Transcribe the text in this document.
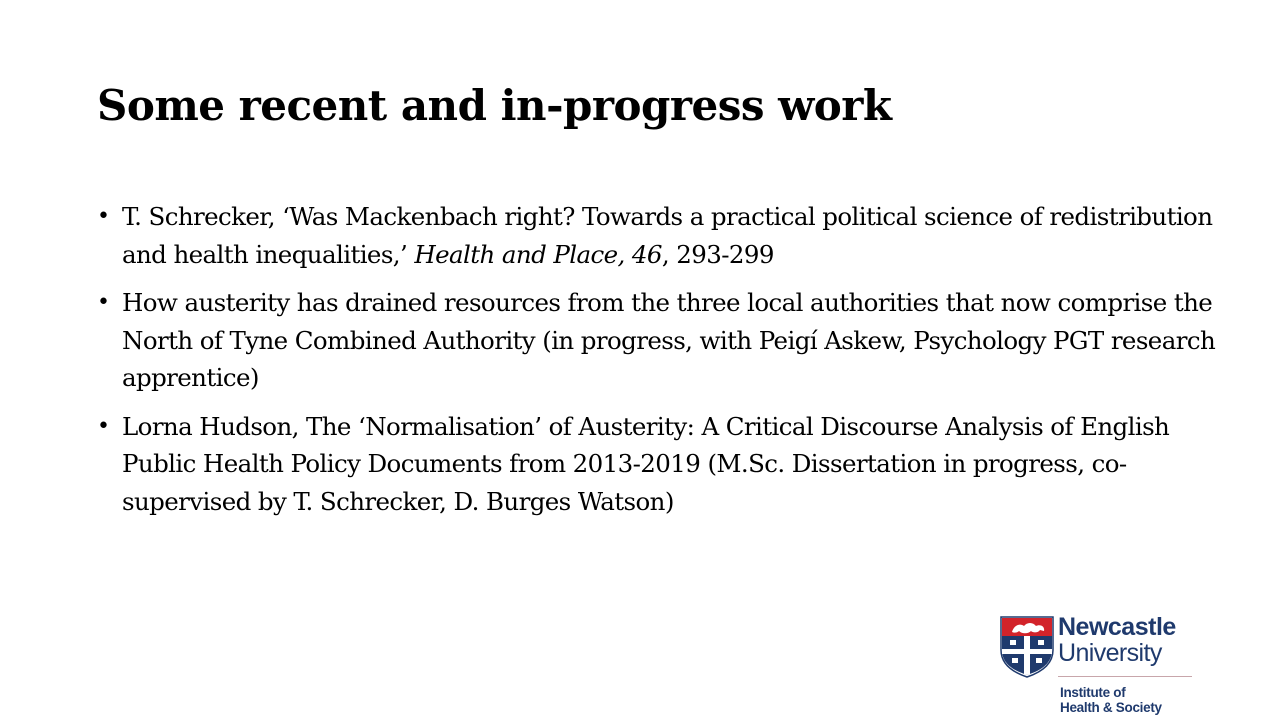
Some recent and in-progress work
• T. Schrecker, ‘Was Mackenbach right? Towards a practical political science of redistribution and health inequalities,’ Health and Place, 46, 293-299
• How austerity has drained resources from the three local authorities that now comprise the North of Tyne Combined Authority (in progress, with Peigí Askew, Psychology PGT research apprentice)
• Lorna Hudson, The ‘Normalisation’ of Austerity: A Critical Discourse Analysis of English Public Health Policy Documents from 2013-2019 (M.Sc. Dissertation in progress, co-supervised by T. Schrecker, D. Burges Watson)
Newcastle
University
Institute of
Health & Society
